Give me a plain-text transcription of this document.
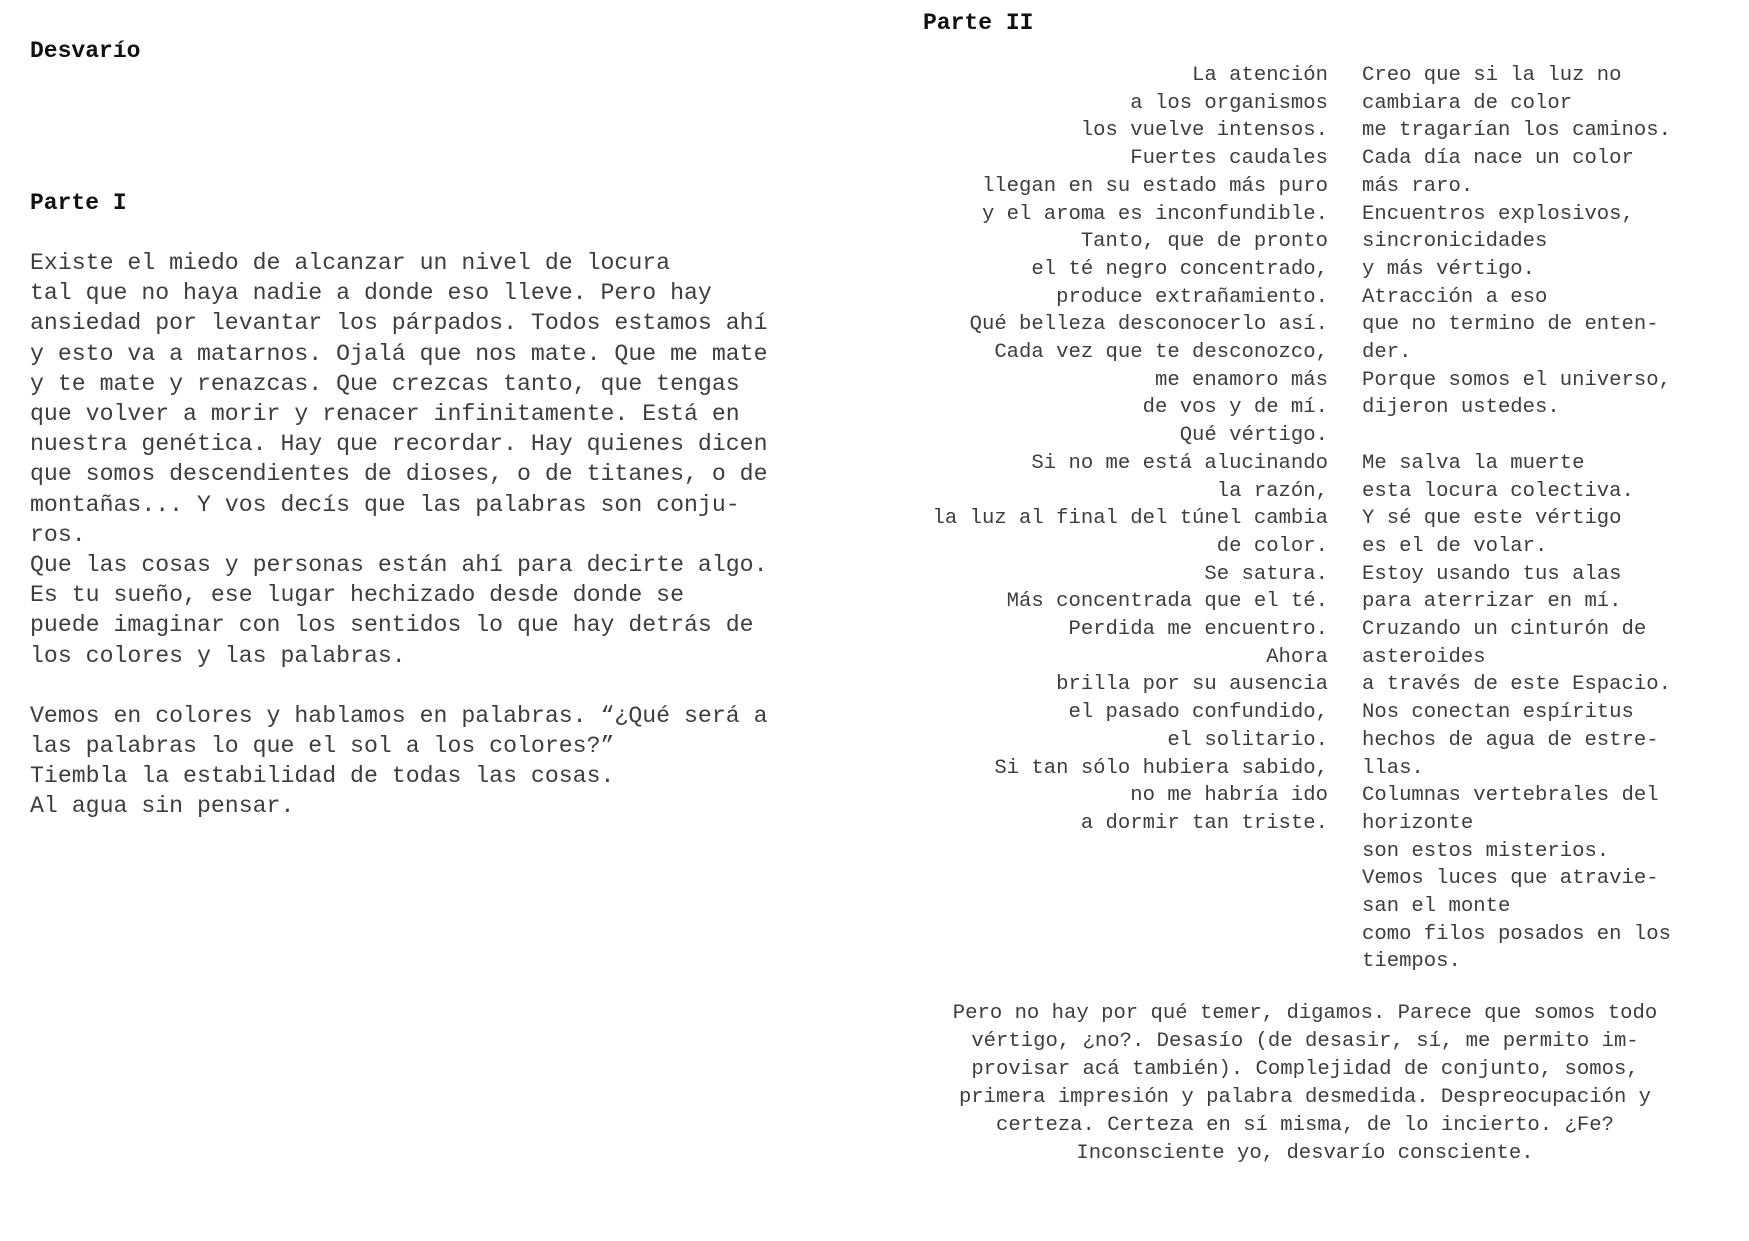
Desvarío
Parte I

Existe el miedo de alcanzar un nivel de locura
tal que no haya nadie a donde eso lleve. Pero hay
ansiedad por levantar los párpados. Todos estamos ahí
y esto va a matarnos. Ojalá que nos mate. Que me mate
y te mate y renazcas. Que crezcas tanto, que tengas
que volver a morir y renacer infinitamente. Está en
nuestra genética. Hay que recordar. Hay quienes dicen
que somos descendientes de dioses, o de titanes, o de
montañas... Y vos decís que las palabras son conju-
ros.
Que las cosas y personas están ahí para decirte algo.
Es tu sueño, ese lugar hechizado desde donde se
puede imaginar con los sentidos lo que hay detrás de
los colores y las palabras.

Vemos en colores y hablamos en palabras. “¿Qué será a
las palabras lo que el sol a los colores?”
Tiembla la estabilidad de todas las cosas.
Al agua sin pensar.

Parte II
La atención
a los organismos
los vuelve intensos.
Fuertes caudales
llegan en su estado más puro
y el aroma es inconfundible.
Tanto, que de pronto
el té negro concentrado,
produce extrañamiento.
Qué belleza desconocerlo así.
Cada vez que te desconozco,
me enamoro más
de vos y de mí.
Qué vértigo.
Si no me está alucinando
la razón,
la luz al final del túnel cambia
de color.
Se satura.
Más concentrada que el té.
Perdida me encuentro.
Ahora
brilla por su ausencia
el pasado confundido,
el solitario.
Si tan sólo hubiera sabido,
no me habría ido
a dormir tan triste.
Creo que si la luz no
cambiara de color
me tragarían los caminos.
Cada día nace un color
más raro.
Encuentros explosivos,
sincronicidades
y más vértigo.
Atracción a eso
que no termino de enten-
der.
Porque somos el universo,
dijeron ustedes.
Me salva la muerte
esta locura colectiva.
Y sé que este vértigo
es el de volar.
Estoy usando tus alas
para aterrizar en mí.
Cruzando un cinturón de
asteroides
a través de este Espacio.
Nos conectan espíritus
hechos de agua de estre-
llas.
Columnas vertebrales del
horizonte
son estos misterios.
Vemos luces que atravie-
san el monte
como filos posados en los
tiempos.
Pero no hay por qué temer, digamos. Parece que somos todo
vértigo, ¿no?. Desasío (de desasir, sí, me permito im-
provisar acá también). Complejidad de conjunto, somos,
primera impresión y palabra desmedida. Despreocupación y
certeza. Certeza en sí misma, de lo incierto. ¿Fe?
Inconsciente yo, desvarío consciente.
